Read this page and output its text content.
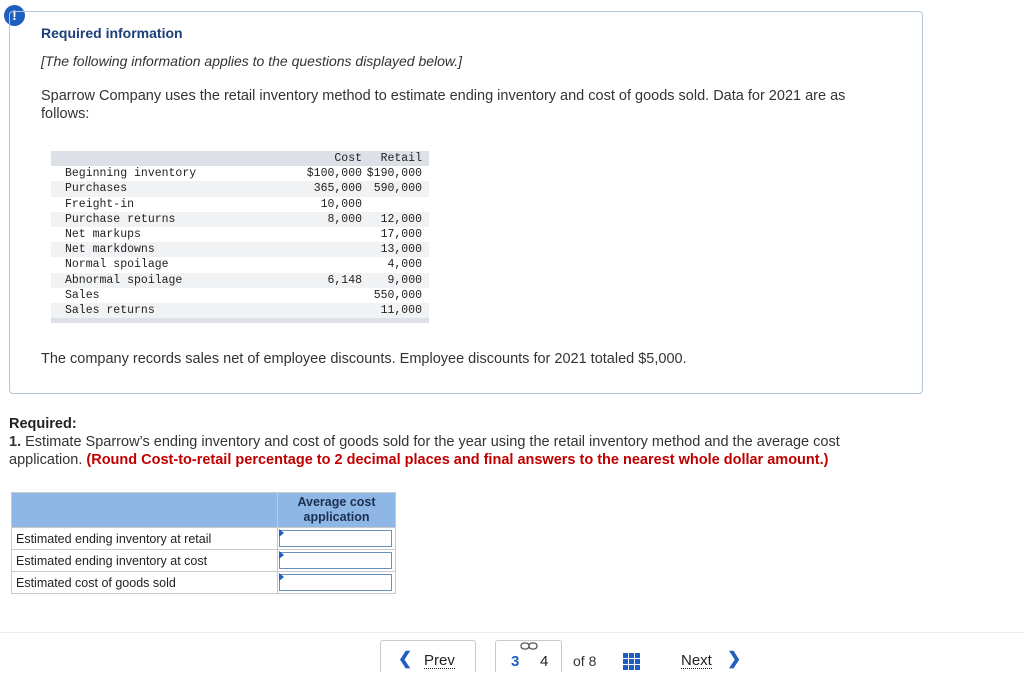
!
Required information
[The following information applies to the questions displayed below.]
Sparrow Company uses the retail inventory method to estimate ending inventory and cost of goods sold. Data for 2021 are as follows:
	Cost	Retail
Beginning inventory	$100,000	$190,000
Purchases	365,000	590,000
Freight-in	10,000	
Purchase returns	8,000	12,000
Net markups		17,000
Net markdowns		13,000
Normal spoilage		4,000
Abnormal spoilage	6,148	9,000
Sales		550,000
Sales returns		11,000
The company records sales net of employee discounts. Employee discounts for 2021 totaled $5,000.
Required:
1. Estimate Sparrow’s ending inventory and cost of goods sold for the year using the retail inventory method and the average cost application. (Round Cost-to-retail percentage to 2 decimal places and final answers to the nearest whole dollar amount.)
	Average cost application
Estimated ending inventory at retail	

Estimated ending inventory at cost	

Estimated cost of goods sold	
❮ Prev	3 4 of 8	Next ❯
